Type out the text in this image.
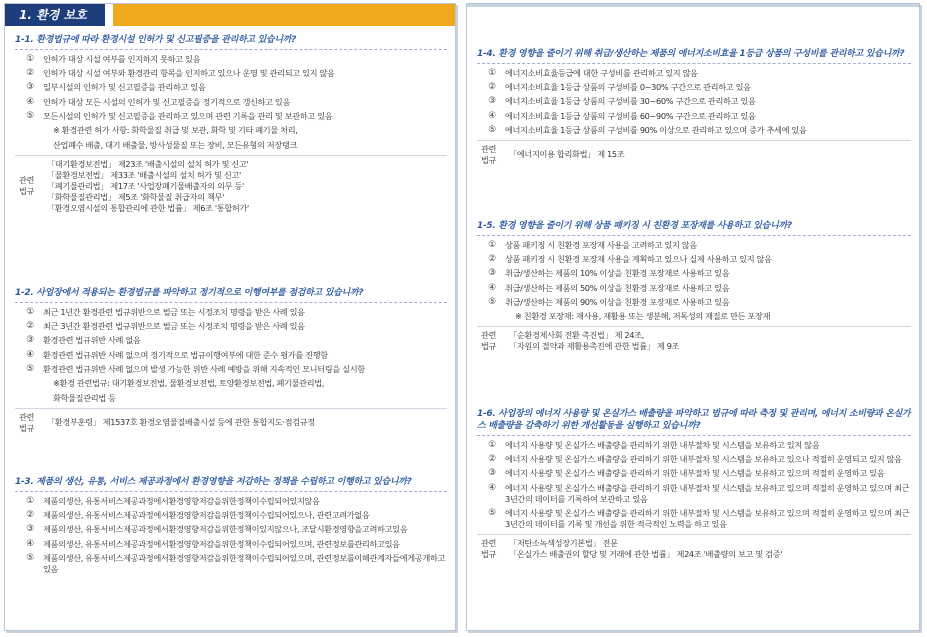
1. 환경 보호
1-1. 환경법규에 따라 환경시설 인허가 및 신고필증을 관리하고 있습니까?
①	인허가 대상 시설 여부를 인지하지 못하고 있음
②	인허가 대상 시설 여부와 환경관리 항목을 인지하고 있으나 운영 및 관리되고 있지 않음
③	일부시설의 인허가 및 신고필증을 관리하고 있음
④	인허가 대상 모든 시설의 인허가 및 신고필증을 정기적으로 갱신하고 있음
⑤	모든시설의 인허가 및 신고필증을 관리하고 있으며 관련 기록을 관리 및 보관하고 있음
※ 환경관련 허가 사항: 화학물질 취급 및 보관, 화학 및 기타 폐기물 처리,
산업폐수 배출, 대기 배출물, 방사성물질 또는 장비, 모든유형의 저장탱크
관련
법규
「대기환경보전법」 제23조 '배출시설의 설치 허가 및 신고'
「물환경보전법」 제33조 '배출시설의 설치 허가 및 신고'
「폐기물관리법」 제17조 '사업장폐기물배출자의 의무 등'
「화학물질관리법」 제5조 '화학물질 취급자의 책무'
「환경오염시설의 통합관리에 관한 법률」 제6조 '통합허가'
1-2. 사업장에서 적용되는 환경법규를 파악하고 정기적으로 이행여부를 점검하고 있습니까?
①	최근 1년간 환경관련 법규위반으로 벌금 또는 시정조치 명령을 받은 사례 있음
②	최근 3년간 환경관련 법규위반으로 벌금 또는 시정조치 명령을 받은 사례 있음
③	환경관련 법규위반 사례 없음
④	환경관련 법규위반 사례 없으며 정기적으로 법규이행여부에 대한 준수 평가를 진행함
⑤	환경관련 법규위반 사례 없으며 발생 가능한 위반 사례 예방을 위해 지속적인 모니터링을 실시함
※환경 관련법규: 대기환경보전법, 물환경보전법, 토양환경보전법, 폐기물관리법,
화학물질관리법 등
관련
법규
「환경부훈령」 제1537호 환경오염물질배출시설 등에 관한 통합지도·점검규정
1-3. 제품의 생산, 유통, 서비스 제공과정에서 환경영향을 저감하는 정책을 수립하고 이행하고 있습니까?
①	제품의생산, 유통서비스제공과정에서환경영향저감을위한정책이수립되어있지않음
②	제품의생산, 유통서비스제공과정에서환경영향저감을위한정책이수립되어있으나, 관련고려가없음
③	제품의생산, 유통서비스제공과정에서환경영향저감을위한정책이있지않으나, 조달시환경영향을고려하고있음
④	제품의생산, 유통서비스제공과정에서환경영향저감을위한정책이수립되어있으며, 관련정보를관리하고있음
⑤	제품의생산, 유통서비스제공과정에서환경영향저감을위한정책이수립되어있으며, 관련정보를이해관계자들에게공개하고있음
1-4. 환경 영향을 줄이기 위해 취급/생산하는 제품의 에너지소비효율 1등급 상품의 구성비를 관리하고 있습니까?
①	에너지소비효율등급에 대한 구성비를 관리하고 있지 않음
②	에너지소비효율 1등급 상품의 구성비를 0~30% 구간으로 관리하고 있음
③	에너지소비효율 1등급 상품의 구성비를 30~60% 구간으로 관리하고 있음
④	에너지소비효율 1등급 상품의 구성비를 60~90% 구간으로 관리하고 있음
⑤	에너지소비효율 1등급 상품의 구성비를 90% 이상으로 관리하고 있으며 증가 추세에 있음
관련
법규
「에너지이용 합리화법」 제 15조
1-5. 환경 영향을 줄이기 위해 상품 패키징 시 친환경 포장재를 사용하고 있습니까?
①	상품 패키징 시 친환경 포장재 사용을 고려하고 있지 않음
②	상품 패키징 시 친환경 포장재 사용을 계획하고 있으나 실제 사용하고 있지 않음
③	취급/생산하는 제품의 10% 이상을 친환경 포장재로 사용하고 있음
④	취급/생산하는 제품의 50% 이상을 친환경 포장재로 사용하고 있음
⑤	취급/생산하는 제품의 90% 이상을 친환경 포장재로 사용하고 있음
※ 친환경 포장재: 재사용, 재활용 또는 생분해, 저독성의 재질로 만든 포장재
관련
법규
「순환경제사회 전환 촉진법」 제 24조,
「자원의 절약과 재활용촉진에 관한 법률」 제 9조
1-6. 사업장의 에너지 사용량 및 온실가스 배출량을 파악하고 법규에 따라 측정 및 관리며, 에너지 소비량과 온실가스 배출량을 감축하기 위한 개선활동을 실행하고 있습니까?
①	에너지 사용량 및 온실가스 배출량을 관리하기 위한 내부절차 및 시스템을 보유하고 있지 않음
②	에너지 사용량 및 온실가스 배출량을 관리하기 위한 내부절차 및 시스템을 보유하고 있으나 적절히 운영되고 있지 않음
③	에너지 사용량 및 온실가스 배출량을 관리하기 위한 내부절차 및 시스템을 보유하고 있으며 적절히 운영하고 있음
④	에너지 사용량 및 온실가스 배출량을 관리하기 위한 내부절차 및 시스템을 보유하고 있으며 적절히 운영하고 있으며 최근 3년간의 데이터를 기록하여 보관하고 있음
⑤	에너지 사용량 및 온실가스 배출량을 관리하기 위한 내부절차 및 시스템을 보유하고 있으며 적절히 운영하고 있으며 최근 3년간의 데이터를 기록 및 개선을 위한 적극적인 노력을 하고 있음
관련
법규
「저탄소녹색성장기본법」 전문
「온실가스 배출권의 할당 및 거래에 관한 법률」 제24조 '배출량의 보고 및 검증'
